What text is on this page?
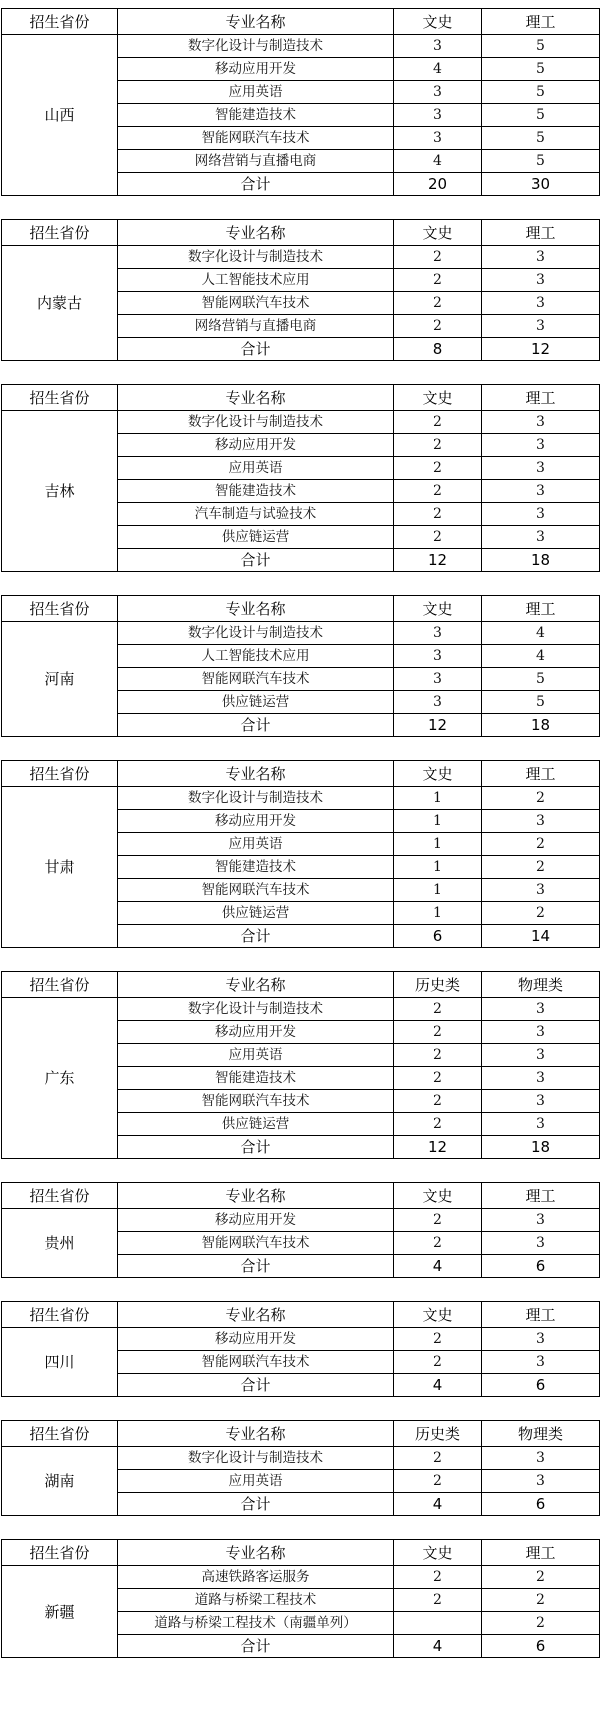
招生省份	专业名称	文史	理工
山西	数字化设计与制造技术	3	5
	移动应用开发	4	5
	应用英语	3	5
	智能建造技术	3	5
	智能网联汽车技术	3	5
	网络营销与直播电商	4	5
	合计	20	30
招生省份	专业名称	文史	理工
内蒙古	数字化设计与制造技术	2	3
	人工智能技术应用	2	3
	智能网联汽车技术	2	3
	网络营销与直播电商	2	3
	合计	8	12
招生省份	专业名称	文史	理工
吉林	数字化设计与制造技术	2	3
	移动应用开发	2	3
	应用英语	2	3
	智能建造技术	2	3
	汽车制造与试验技术	2	3
	供应链运营	2	3
	合计	12	18
招生省份	专业名称	文史	理工
河南	数字化设计与制造技术	3	4
	人工智能技术应用	3	4
	智能网联汽车技术	3	5
	供应链运营	3	5
	合计	12	18
招生省份	专业名称	文史	理工
甘肃	数字化设计与制造技术	1	2
	移动应用开发	1	3
	应用英语	1	2
	智能建造技术	1	2
	智能网联汽车技术	1	3
	供应链运营	1	2
	合计	6	14
招生省份	专业名称	历史类	物理类
广东	数字化设计与制造技术	2	3
	移动应用开发	2	3
	应用英语	2	3
	智能建造技术	2	3
	智能网联汽车技术	2	3
	供应链运营	2	3
	合计	12	18
招生省份	专业名称	文史	理工
贵州	移动应用开发	2	3
	智能网联汽车技术	2	3
	合计	4	6
招生省份	专业名称	文史	理工
四川	移动应用开发	2	3
	智能网联汽车技术	2	3
	合计	4	6
招生省份	专业名称	历史类	物理类
湖南	数字化设计与制造技术	2	3
	应用英语	2	3
	合计	4	6
招生省份	专业名称	文史	理工
新疆	高速铁路客运服务	2	2
	道路与桥梁工程技术	2	2
	道路与桥梁工程技术（南疆单列）		2
	合计	4	6
